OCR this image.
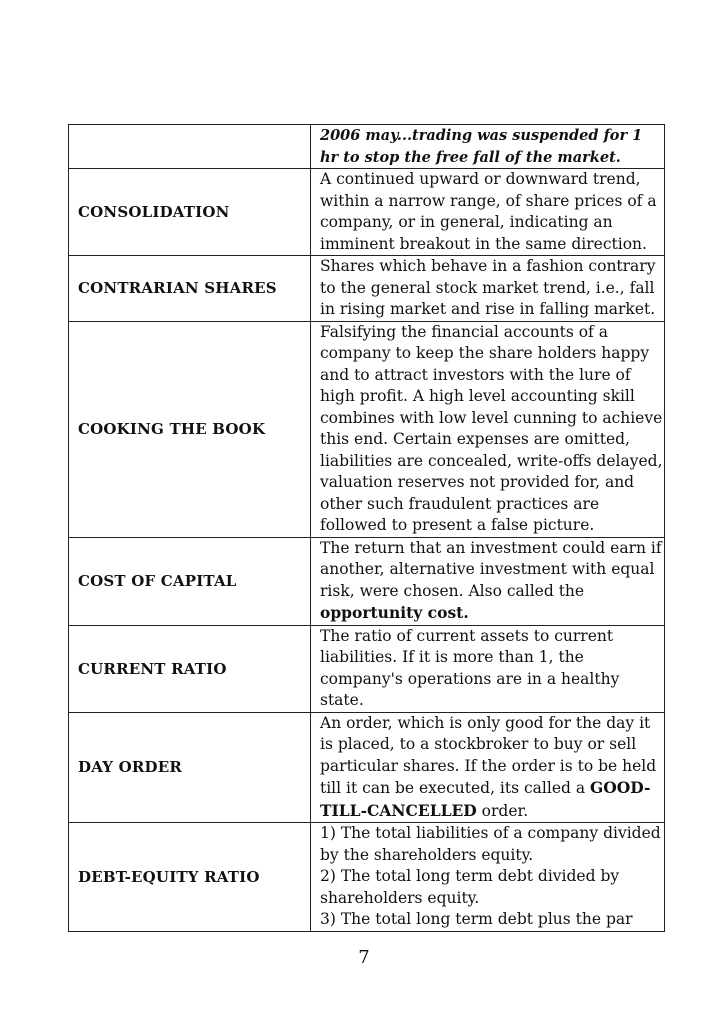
	2006 may...trading was suspended for 1 hr to stop the free fall of the market.
CONSOLIDATION	A continued upward or downward trend, within a narrow range, of share prices of a company, or in general, indicating an imminent breakout in the same direction.
CONTRARIAN SHARES	Shares which behave in a fashion contrary to the general stock market trend, i.e., fall in rising market and rise in falling market.
COOKING THE BOOK	Falsifying the financial accounts of a company to keep the share holders happy and to attract investors with the lure of high profit. A high level accounting skill combines with low level cunning to achieve this end. Certain expenses are omitted, liabilities are concealed, write-offs delayed, valuation reserves not provided for, and other such fraudulent practices are followed to present a false picture.
COST OF CAPITAL	The return that an investment could earn if another, alternative investment with equal risk, were chosen. Also called the opportunity cost.
CURRENT RATIO	The ratio of current assets to current liabilities. If it is more than 1, the company's operations are in a healthy state.
DAY ORDER	An order, which is only good for the day it is placed, to a stockbroker to buy or sell particular shares. If the order is to be held till it can be executed, its called a GOOD-TILL-CANCELLED order.
DEBT-EQUITY RATIO	1) The total liabilities of a company divided by the shareholders equity.
2) The total long term debt divided by shareholders equity.
3) The total long term debt plus the par
7
